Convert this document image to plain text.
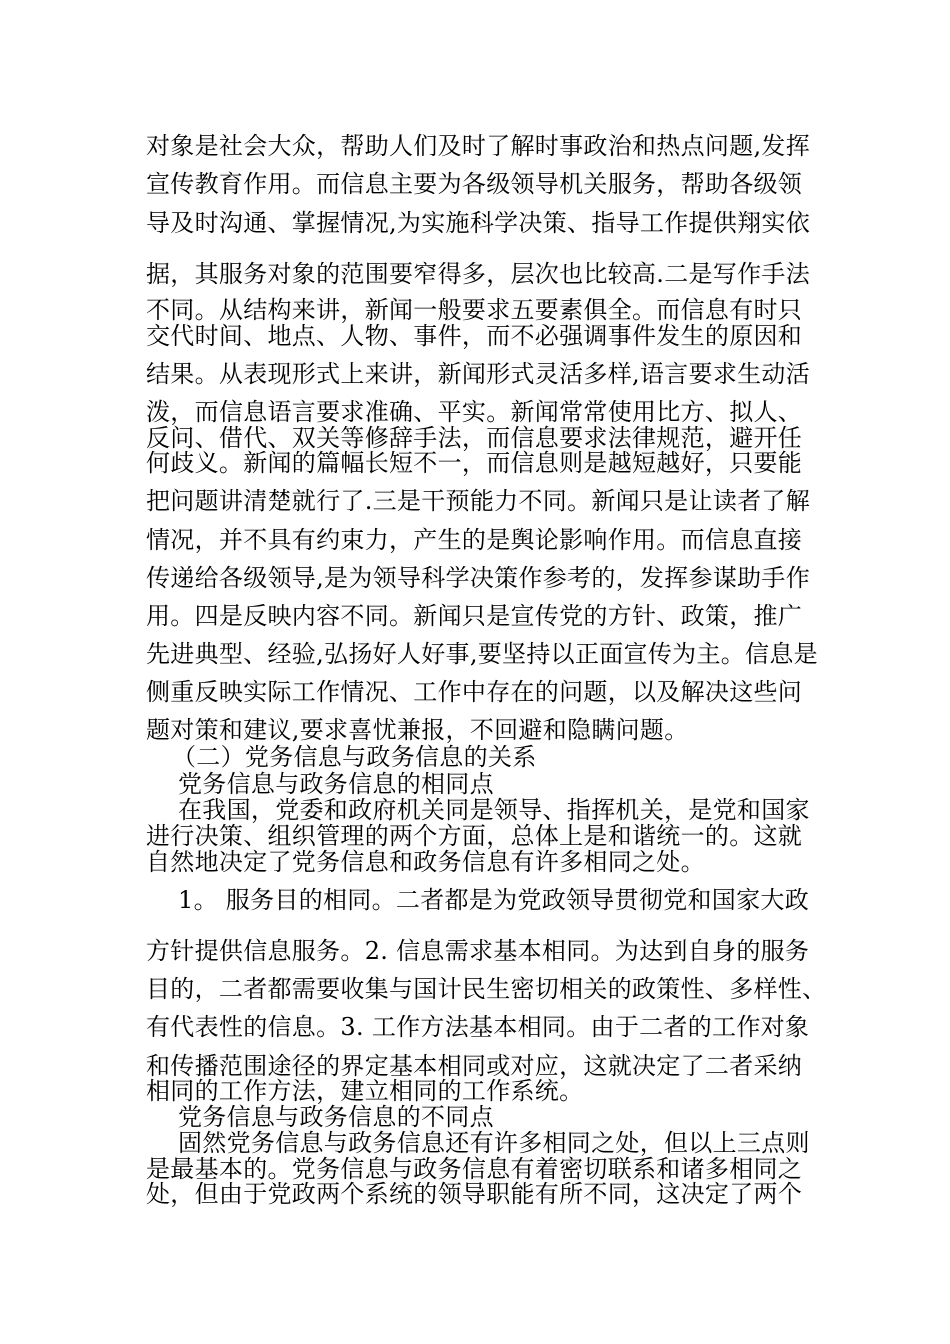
对象是社会大众，帮助人们及时了解时事政治和热点问题,发挥
宣传教育作用。而信息主要为各级领导机关服务，帮助各级领
导及时沟通、掌握情况,为实施科学决策、指导工作提供翔实依
据，其服务对象的范围要窄得多，层次也比较高.二是写作手法
不同。从结构来讲，新闻一般要求五要素俱全。而信息有时只
交代时间、地点、人物、事件，而不必强调事件发生的原因和
结果。从表现形式上来讲，新闻形式灵活多样,语言要求生动活
泼，而信息语言要求准确、平实。新闻常常使用比方、拟人、
反问、借代、双关等修辞手法，而信息要求法律规范，避开任
何歧义。新闻的篇幅长短不一，而信息则是越短越好，只要能
把问题讲清楚就行了.三是干预能力不同。新闻只是让读者了解
情况，并不具有约束力，产生的是舆论影响作用。而信息直接
传递给各级领导,是为领导科学决策作参考的，发挥参谋助手作
用。四是反映内容不同。新闻只是宣传党的方针、政策，推广
先进典型、经验,弘扬好人好事,要坚持以正面宣传为主。信息是
侧重反映实际工作情况、工作中存在的问题，以及解决这些问
题对策和建议,要求喜忧兼报，不回避和隐瞒问题。
（二）党务信息与政务信息的关系
党务信息与政务信息的相同点
在我国，党委和政府机关同是领导、指挥机关，是党和国家
进行决策、组织管理的两个方面，总体上是和谐统一的。这就
自然地决定了党务信息和政务信息有许多相同之处。
1。 服务目的相同。二者都是为党政领导贯彻党和国家大政
方针提供信息服务。2. 信息需求基本相同。为达到自身的服务
目的，二者都需要收集与国计民生密切相关的政策性、多样性、
有代表性的信息。3. 工作方法基本相同。由于二者的工作对象
和传播范围途径的界定基本相同或对应，这就决定了二者采纳
相同的工作方法，建立相同的工作系统。
党务信息与政务信息的不同点
固然党务信息与政务信息还有许多相同之处，但以上三点则
是最基本的。党务信息与政务信息有着密切联系和诸多相同之
处，但由于党政两个系统的领导职能有所不同，这决定了两个
